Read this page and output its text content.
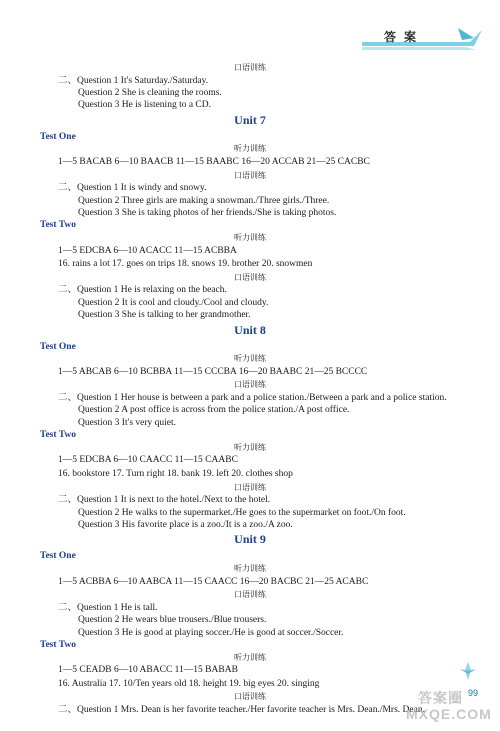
答案
口语训练
二、Question 1 It's Saturday./Saturday.
Question 2 She is cleaning the rooms.
Question 3 He is listening to a CD.
Unit 7
Test One
听力训练
1—5 BACAB 6—10 BAACB 11—15 BAABC 16—20 ACCAB 21—25 CACBC
口语训练
二、Question 1 It is windy and snowy.
Question 2 Three girls are making a snowman./Three girls./Three.
Question 3 She is taking photos of her friends./She is taking photos.
Test Two
听力训练
1—5 EDCBA 6—10 ACACC 11—15 ACBBA
16. rains a lot 17. goes on trips 18. snows 19. brother 20. snowmen
口语训练
二、Question 1 He is relaxing on the beach.
Question 2 It is cool and cloudy./Cool and cloudy.
Question 3 She is talking to her grandmother.
Unit 8
Test One
听力训练
1—5 ABCAB 6—10 BCBBA 11—15 CCCBA 16—20 BAABC 21—25 BCCCC
口语训练
二、Question 1 Her house is between a park and a police station./Between a park and a police station.
Question 2 A post office is across from the police station./A post office.
Question 3 It's very quiet.
Test Two
听力训练
1—5 EDCBA 6—10 CAACC 11—15 CAABC
16. bookstore 17. Turn right 18. bank 19. left 20. clothes shop
口语训练
二、Question 1 It is next to the hotel./Next to the hotel.
Question 2 He walks to the supermarket./He goes to the supermarket on foot./On foot.
Question 3 His favorite place is a zoo./It is a zoo./A zoo.
Unit 9
Test One
听力训练
1—5 ACBBA 6—10 AABCA 11—15 CAACC 16—20 BACBC 21—25 ACABC
口语训练
二、Question 1 He is tall.
Question 2 He wears blue trousers./Blue trousers.
Question 3 He is good at playing soccer./He is good at soccer./Soccer.
Test Two
听力训练
1—5 CEADB 6—10 ABACC 11—15 BABAB
16. Australia 17. 10/Ten years old 18. height 19. big eyes 20. singing
口语训练
二、Question 1 Mrs. Dean is her favorite teacher./Her favorite teacher is Mrs. Dean./Mrs. Dean.
99
答案圈
MXQE.COM
